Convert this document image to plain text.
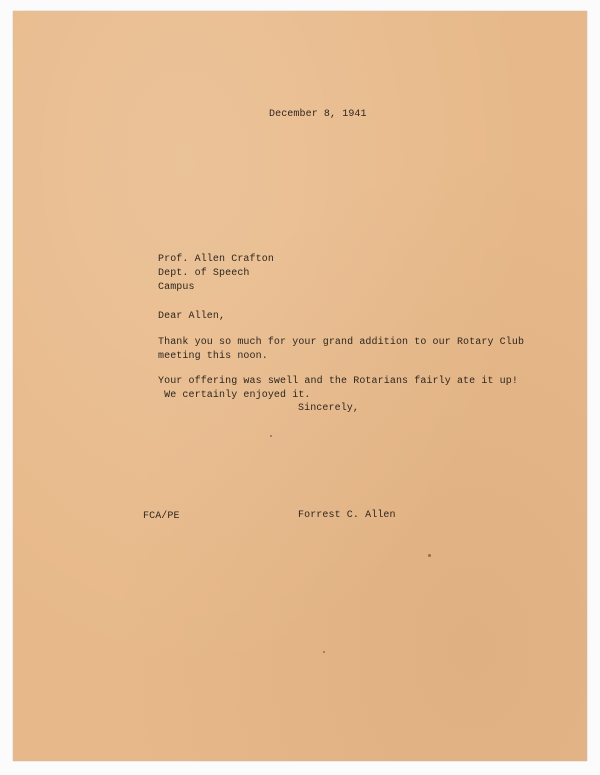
December 8, 1941
Prof. Allen Crafton
Dept. of Speech
Campus
Dear Allen,
Thank you so much for your grand addition to our Rotary Club
meeting this noon.
Your offering was swell and the Rotarians fairly ate it up!
We certainly enjoyed it.
Sincerely,
FCA/PE	Forrest C. Allen
